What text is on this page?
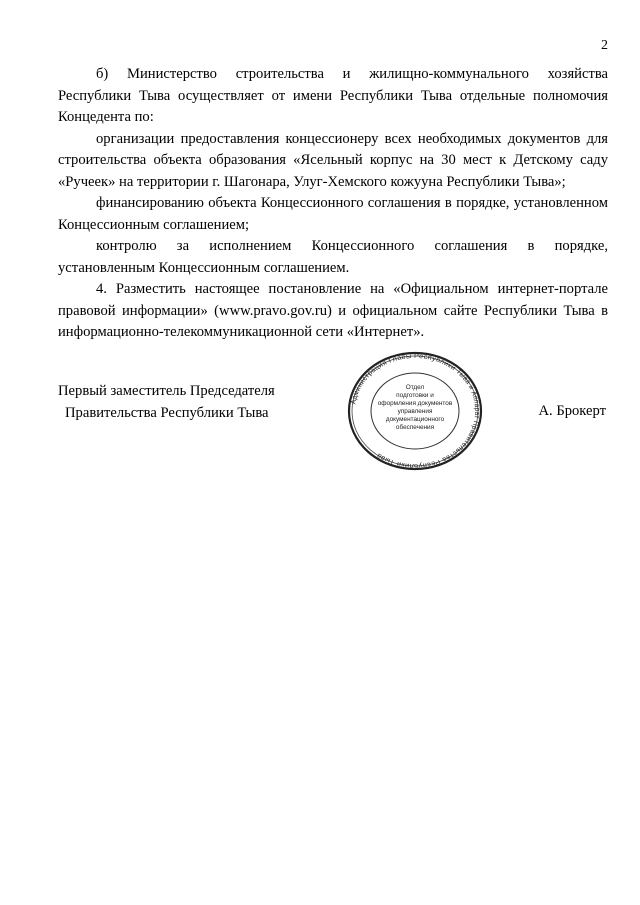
2

б) Министерство строительства и жилищно-коммунального хозяйства Республики Тыва осуществляет от имени Республики Тыва отдельные полномочия Концедента по:

организации предоставления концессионеру всех необходимых документов для строительства объекта образования «Ясельный корпус на 30 мест к Детскому саду «Ручеек» на территории г. Шагонара, Улуг-Хемского кожууна Республики Тыва»;

финансированию объекта Концессионного соглашения в порядке, установленном Концессионным соглашением;

контролю за исполнением Концессионного соглашения в порядке, установленным Концессионным соглашением.

4. Разместить настоящее постановление на «Официальном интернет-портале правовой информации» (www.pravo.gov.ru) и официальном сайте Республики Тыва в информационно-телекоммуникационной сети «Интернет».

Первый заместитель Председателя
Правительства Республики Тыва
Администрация Главы Республики Тыва и Аппарат Правительства Республики Тыва
Отдел
подготовки и
оформления документов
управления
документационного
обеспечения
А. Брокерт
